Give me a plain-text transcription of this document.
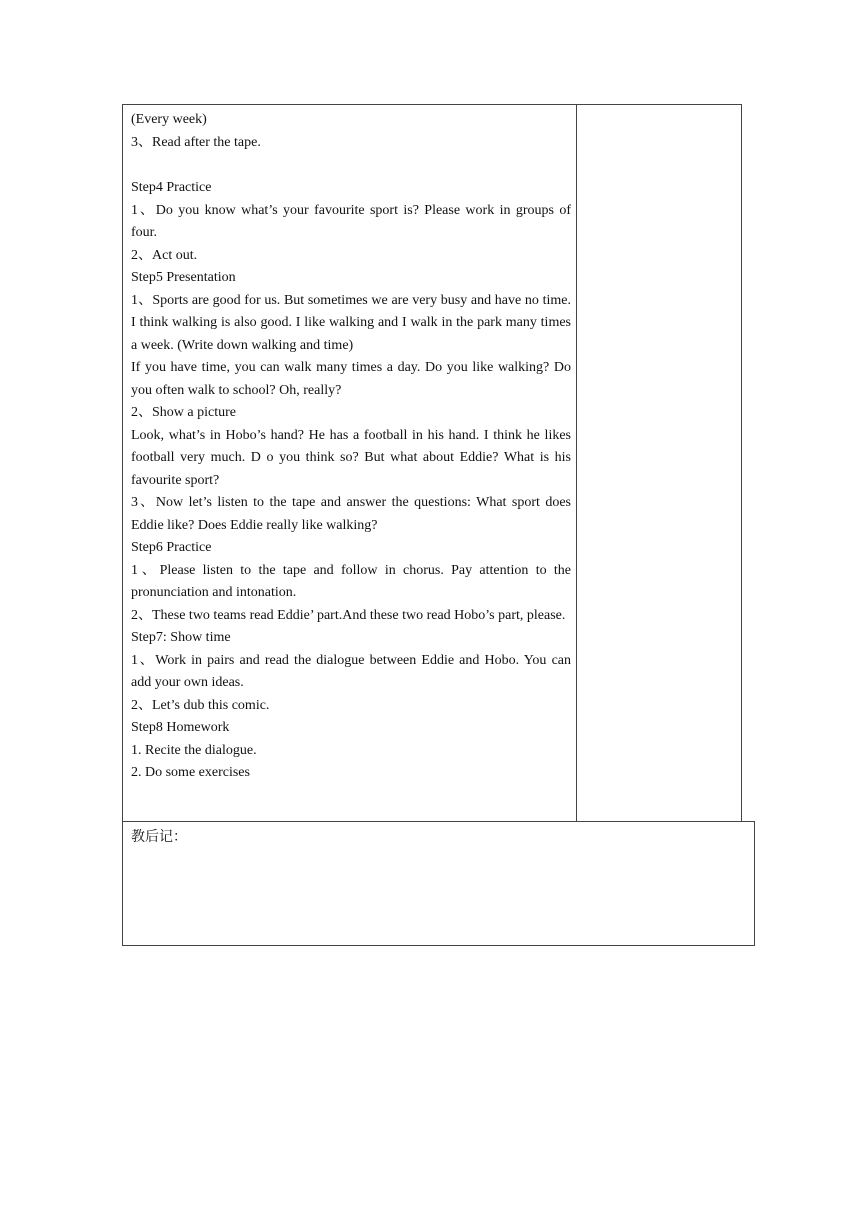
(Every week)
3、Read after the tape.
Step4 Practice
1、Do you know what’s your favourite sport is? Please work in groups of four.
2、Act out.
Step5 Presentation
1、Sports are good for us. But sometimes we are very busy and have no time. I think walking is also good. I like walking and I walk in the park many times a week. (Write down walking and time)
If you have time, you can walk many times a day. Do you like walking? Do you often walk to school? Oh, really?
2、Show a picture
Look, what’s in Hobo’s hand? He has a football in his hand. I think he likes football very much. D o you think so? But what about Eddie? What is his favourite sport?
3、Now let’s listen to the tape and answer the questions: What sport does Eddie like? Does Eddie really like walking?
Step6 Practice
1、Please listen to the tape and follow in chorus. Pay attention to the pronunciation and intonation.
2、These two teams read Eddie’ part.And these two read Hobo’s part, please.
Step7: Show time
1、Work in pairs and read the dialogue between Eddie and Hobo. You can add your own ideas.
2、Let’s dub this comic.
Step8 Homework
1. Recite the dialogue.
2. Do some exercises
教后记：
